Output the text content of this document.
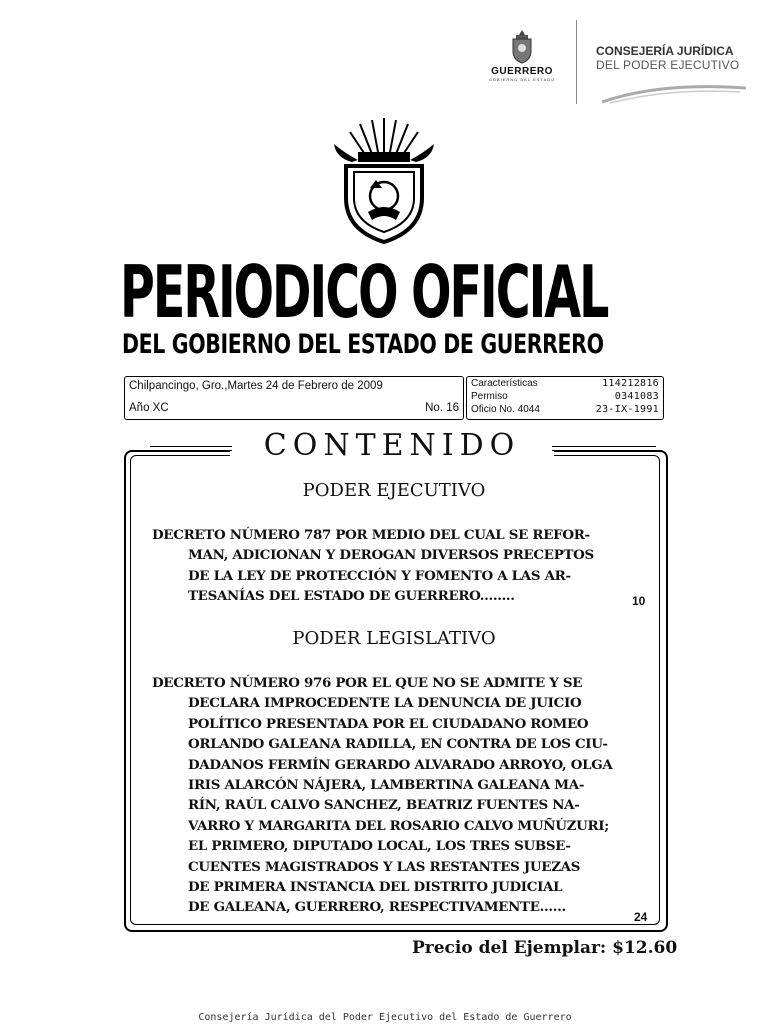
GUERRERO
GOBIERNO DEL ESTADO
CONSEJERÍA JURÍDICA
DEL PODER EJECUTIVO
PERIODICO OFICIAL
DEL GOBIERNO DEL ESTADO DE GUERRERO
Chilpancingo, Gro.,Martes 24 de Febrero de 2009
Año XC	No. 16
Características	114212816
Permiso	0341083
Oficio No. 4044	23-IX-1991
CONTENIDO
PODER EJECUTIVO
DECRETO NÚMERO 787 POR MEDIO DEL CUAL SE REFOR-
MAN, ADICIONAN Y DEROGAN DIVERSOS PRECEPTOS
DE LA LEY DE PROTECCIÓN Y FOMENTO A LAS AR-
TESANÍAS DEL ESTADO DE GUERRERO........	10
PODER LEGISLATIVO
DECRETO NÚMERO 976 POR EL QUE NO SE ADMITE Y SE
DECLARA IMPROCEDENTE LA DENUNCIA DE JUICIO
POLÍTICO PRESENTADA POR EL CIUDADANO ROMEO
ORLANDO GALEANA RADILLA, EN CONTRA DE LOS CIU-
DADANOS FERMÍN GERARDO ALVARADO ARROYO, OLGA
IRIS ALARCÓN NÁJERA, LAMBERTINA GALEANA MA-
RÍN, RAÚL CALVO SANCHEZ, BEATRIZ FUENTES NA-
VARRO Y MARGARITA DEL ROSARIO CALVO MUÑÚZURI;
EL PRIMERO, DIPUTADO LOCAL, LOS TRES SUBSE-
CUENTES MAGISTRADOS Y LAS RESTANTES JUEZAS
DE PRIMERA INSTANCIA DEL DISTRITO JUDICIAL
DE GALEANA, GUERRERO, RESPECTIVAMENTE......
24
Precio del Ejemplar: $12.60
Consejería Jurídica del Poder Ejecutivo del Estado de Guerrero
